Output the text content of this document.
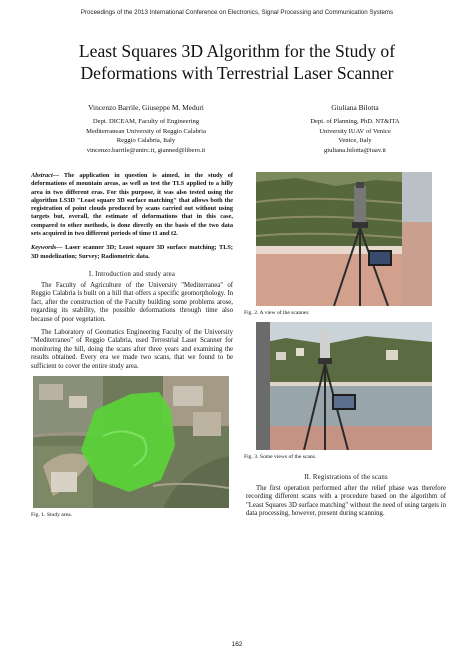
Proceedings of the 2013 International Conference on Electronics, Signal Processing and Communication Systems
Least Squares 3D Algorithm for the Study of
Deformations with Terrestrial Laser Scanner
Vincenzo Barrile, Giuseppe M. Meduri
Dept. DICEAM, Faculty of Engineering
Mediterranean University of Reggio Calabria
Reggio Calabria, Italy
vincenzo.barrile@unirc.it, gianned@libero.it
Giuliana Bilotta
Dept. of Planning, PhD. NT&ITA
University IUAV of Venice
Venice, Italy
giuliana.bilotta@iuav.it

Abstract— The application in question is aimed, in the study of deformations of mountain areas, as well as test the TLS applied to a hilly area in two different eras. For this purpose, it was also tested using the algorithm LS3D "Least square 3D surface matching" that allows both the registration of point clouds produced by scans carried out without using targets but, overall, the estimate of deformations that in this case, compared to other methods, is done directly on the basis of the two data sets acquired in two different periods of time t1 and t2.

Keywords— Laser scanner 3D; Least square 3D surface matching; TLS; 3D modelization; Survey; Radiometric data.

I. Introduction and study area

The Faculty of Agriculture of the University "Mediterranea" of Reggio Calabria is built on a hill that offers a specific geomorphology. In fact, after the construction of the Faculty building some problems arose, regarding its stability, the possible deformations through time also because of poor vegetation.

The Laboratory of Geomatics Engineering Faculty of the University "Mediterraneo" of Reggio Calabria, used Terrestrial Laser Scanner for monitoring the hill, doing the scans after three years and examining the results obtained. Every era we made two scans, that we found to be sufficient to cover the entire study area.

Fig. 1. Study area.
Fig. 2. A view of the scanner.
Fig. 3. Some views of the scans.
II. Registrations of the scans

The first operation performed after the relief phase was therefore recording different scans with a procedure based on the algorithm of "Least Squares 3D surface matching" without the need of using targets in data processing, however, present during scanning.

162
